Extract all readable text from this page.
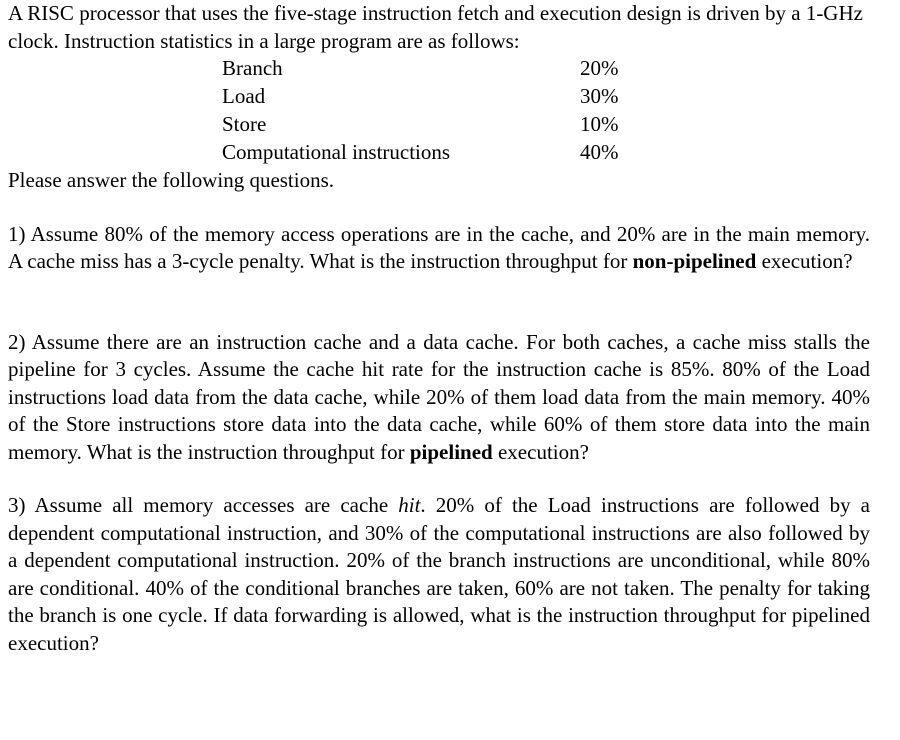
A RISC processor that uses the five-stage instruction fetch and execution design is driven by a 1-GHz clock. Instruction statistics in a large program are as follows:

Branch	20%
Load	30%
Store	10%
Computational instructions	40%

Please answer the following questions.

1) Assume 80% of the memory access operations are in the cache, and 20% are in the main memory. A cache miss has a 3-cycle penalty. What is the instruction throughput for non-pipelined execution?

2) Assume there are an instruction cache and a data cache. For both caches, a cache miss stalls the pipeline for 3 cycles. Assume the cache hit rate for the instruction cache is 85%. 80% of the Load instructions load data from the data cache, while 20% of them load data from the main memory. 40% of the Store instructions store data into the data cache, while 60% of them store data into the main memory. What is the instruction throughput for pipelined execution?

3) Assume all memory accesses are cache hit. 20% of the Load instructions are followed by a dependent computational instruction, and 30% of the computational instructions are also followed by a dependent computational instruction. 20% of the branch instructions are unconditional, while 80% are conditional. 40% of the conditional branches are taken, 60% are not taken. The penalty for taking the branch is one cycle. If data forwarding is allowed, what is the instruction throughput for pipelined execution?
